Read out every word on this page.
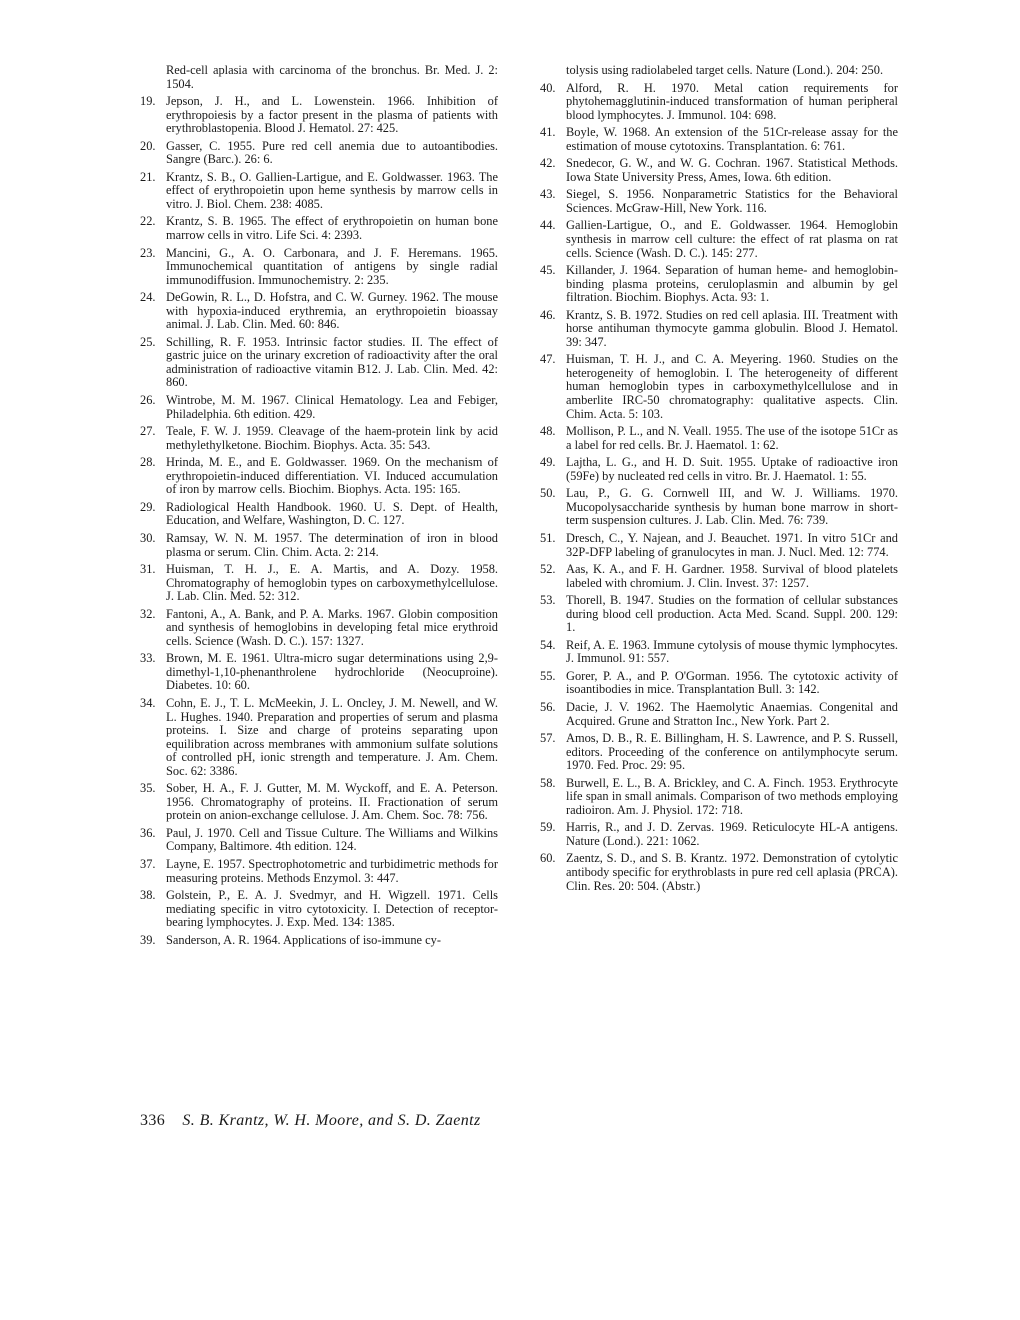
Red-cell aplasia with carcinoma of the bronchus. Br. Med. J. 2: 1504.
19. Jepson, J. H., and L. Lowenstein. 1966. Inhibition of erythropoiesis by a factor present in the plasma of patients with erythroblastopenia. Blood J. Hematol. 27: 425.
20. Gasser, C. 1955. Pure red cell anemia due to autoantibodies. Sangre (Barc.). 26: 6.
21. Krantz, S. B., O. Gallien-Lartigue, and E. Goldwasser. 1963. The effect of erythropoietin upon heme synthesis by marrow cells in vitro. J. Biol. Chem. 238: 4085.
22. Krantz, S. B. 1965. The effect of erythropoietin on human bone marrow cells in vitro. Life Sci. 4: 2393.
23. Mancini, G., A. O. Carbonara, and J. F. Heremans. 1965. Immunochemical quantitation of antigens by single radial immunodiffusion. Immunochemistry. 2: 235.
24. DeGowin, R. L., D. Hofstra, and C. W. Gurney. 1962. The mouse with hypoxia-induced erythremia, an erythropoietin bioassay animal. J. Lab. Clin. Med. 60: 846.
25. Schilling, R. F. 1953. Intrinsic factor studies. II. The effect of gastric juice on the urinary excretion of radioactivity after the oral administration of radioactive vitamin B12. J. Lab. Clin. Med. 42: 860.
26. Wintrobe, M. M. 1967. Clinical Hematology. Lea and Febiger, Philadelphia. 6th edition. 429.
27. Teale, F. W. J. 1959. Cleavage of the haem-protein link by acid methylethylketone. Biochim. Biophys. Acta. 35: 543.
28. Hrinda, M. E., and E. Goldwasser. 1969. On the mechanism of erythropoietin-induced differentiation. VI. Induced accumulation of iron by marrow cells. Biochim. Biophys. Acta. 195: 165.
29. Radiological Health Handbook. 1960. U. S. Dept. of Health, Education, and Welfare, Washington, D. C. 127.
30. Ramsay, W. N. M. 1957. The determination of iron in blood plasma or serum. Clin. Chim. Acta. 2: 214.
31. Huisman, T. H. J., E. A. Martis, and A. Dozy. 1958. Chromatography of hemoglobin types on carboxymethylcellulose. J. Lab. Clin. Med. 52: 312.
32. Fantoni, A., A. Bank, and P. A. Marks. 1967. Globin composition and synthesis of hemoglobins in developing fetal mice erythroid cells. Science (Wash. D. C.). 157: 1327.
33. Brown, M. E. 1961. Ultra-micro sugar determinations using 2,9-dimethyl-1,10-phenanthrolene hydrochloride (Neocuproine). Diabetes. 10: 60.
34. Cohn, E. J., T. L. McMeekin, J. L. Oncley, J. M. Newell, and W. L. Hughes. 1940. Preparation and properties of serum and plasma proteins. I. Size and charge of proteins separating upon equilibration across membranes with ammonium sulfate solutions of controlled pH, ionic strength and temperature. J. Am. Chem. Soc. 62: 3386.
35. Sober, H. A., F. J. Gutter, M. M. Wyckoff, and E. A. Peterson. 1956. Chromatography of proteins. II. Fractionation of serum protein on anion-exchange cellulose. J. Am. Chem. Soc. 78: 756.
36. Paul, J. 1970. Cell and Tissue Culture. The Williams and Wilkins Company, Baltimore. 4th edition. 124.
37. Layne, E. 1957. Spectrophotometric and turbidimetric methods for measuring proteins. Methods Enzymol. 3: 447.
38. Golstein, P., E. A. J. Svedmyr, and H. Wigzell. 1971. Cells mediating specific in vitro cytotoxicity. I. Detection of receptor-bearing lymphocytes. J. Exp. Med. 134: 1385.
39. Sanderson, A. R. 1964. Applications of iso-immune cy-
tolysis using radiolabeled target cells. Nature (Lond.). 204: 250.
40. Alford, R. H. 1970. Metal cation requirements for phytohemagglutinin-induced transformation of human peripheral blood lymphocytes. J. Immunol. 104: 698.
41. Boyle, W. 1968. An extension of the 51Cr-release assay for the estimation of mouse cytotoxins. Transplantation. 6: 761.
42. Snedecor, G. W., and W. G. Cochran. 1967. Statistical Methods. Iowa State University Press, Ames, Iowa. 6th edition.
43. Siegel, S. 1956. Nonparametric Statistics for the Behavioral Sciences. McGraw-Hill, New York. 116.
44. Gallien-Lartigue, O., and E. Goldwasser. 1964. Hemoglobin synthesis in marrow cell culture: the effect of rat plasma on rat cells. Science (Wash. D. C.). 145: 277.
45. Killander, J. 1964. Separation of human heme- and hemoglobin-binding plasma proteins, ceruloplasmin and albumin by gel filtration. Biochim. Biophys. Acta. 93: 1.
46. Krantz, S. B. 1972. Studies on red cell aplasia. III. Treatment with horse antihuman thymocyte gamma globulin. Blood J. Hematol. 39: 347.
47. Huisman, T. H. J., and C. A. Meyering. 1960. Studies on the heterogeneity of hemoglobin. I. The heterogeneity of different human hemoglobin types in carboxymethylcellulose and in amberlite IRC-50 chromatography: qualitative aspects. Clin. Chim. Acta. 5: 103.
48. Mollison, P. L., and N. Veall. 1955. The use of the isotope 51Cr as a label for red cells. Br. J. Haematol. 1: 62.
49. Lajtha, L. G., and H. D. Suit. 1955. Uptake of radioactive iron (59Fe) by nucleated red cells in vitro. Br. J. Haematol. 1: 55.
50. Lau, P., G. G. Cornwell III, and W. J. Williams. 1970. Mucopolysaccharide synthesis by human bone marrow in short-term suspension cultures. J. Lab. Clin. Med. 76: 739.
51. Dresch, C., Y. Najean, and J. Beauchet. 1971. In vitro 51Cr and 32P-DFP labeling of granulocytes in man. J. Nucl. Med. 12: 774.
52. Aas, K. A., and F. H. Gardner. 1958. Survival of blood platelets labeled with chromium. J. Clin. Invest. 37: 1257.
53. Thorell, B. 1947. Studies on the formation of cellular substances during blood cell production. Acta Med. Scand. Suppl. 200. 129: 1.
54. Reif, A. E. 1963. Immune cytolysis of mouse thymic lymphocytes. J. Immunol. 91: 557.
55. Gorer, P. A., and P. O'Gorman. 1956. The cytotoxic activity of isoantibodies in mice. Transplantation Bull. 3: 142.
56. Dacie, J. V. 1962. The Haemolytic Anaemias. Congenital and Acquired. Grune and Stratton Inc., New York. Part 2.
57. Amos, D. B., R. E. Billingham, H. S. Lawrence, and P. S. Russell, editors. Proceeding of the conference on antilymphocyte serum. 1970. Fed. Proc. 29: 95.
58. Burwell, E. L., B. A. Brickley, and C. A. Finch. 1953. Erythrocyte life span in small animals. Comparison of two methods employing radioiron. Am. J. Physiol. 172: 718.
59. Harris, R., and J. D. Zervas. 1969. Reticulocyte HL-A antigens. Nature (Lond.). 221: 1062.
60. Zaentz, S. D., and S. B. Krantz. 1972. Demonstration of cytolytic antibody specific for erythroblasts in pure red cell aplasia (PRCA). Clin. Res. 20: 504. (Abstr.)
336 S. B. Krantz, W. H. Moore, and S. D. Zaentz
